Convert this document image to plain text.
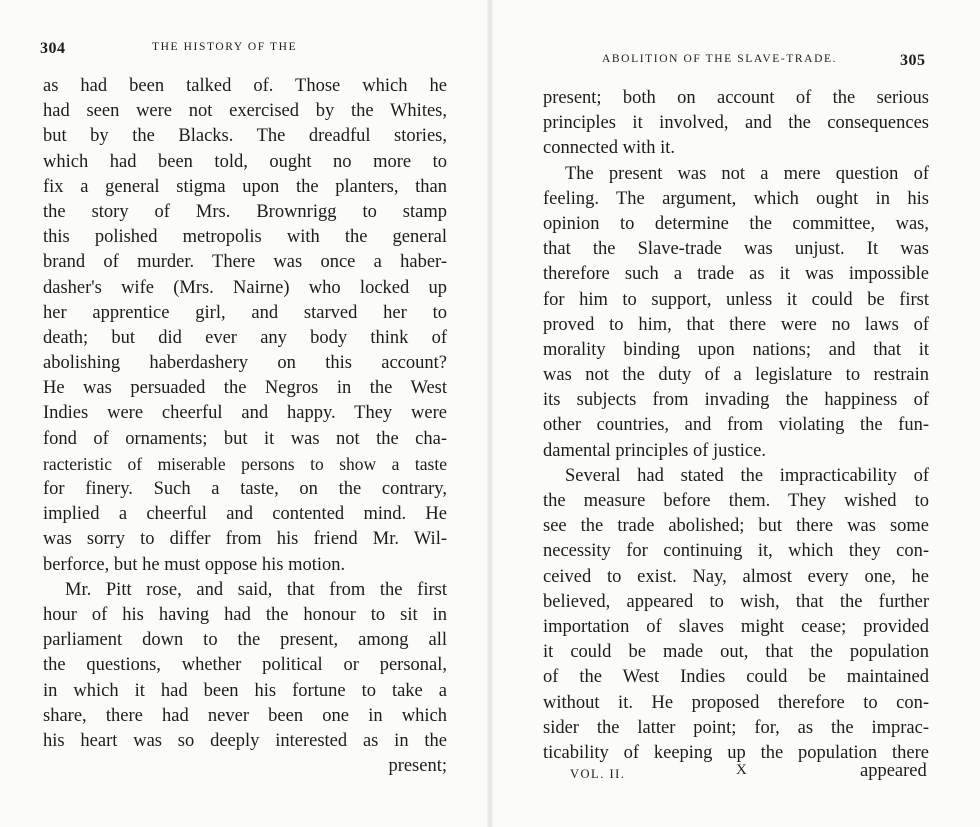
304	THE HISTORY OF THE
as had been talked of. Those which he
had seen were not exercised by the Whites,
but by the Blacks. The dreadful stories,
which had been told, ought no more to
fix a general stigma upon the planters, than
the story of Mrs. Brownrigg to stamp
this polished metropolis with the general
brand of murder. There was once a haber-
dasher's wife (Mrs. Nairne) who locked up
her apprentice girl, and starved her to
death; but did ever any body think of
abolishing haberdashery on this account?
He was persuaded the Negros in the West
Indies were cheerful and happy. They were
fond of ornaments; but it was not the cha-
racteristic of miserable persons to show a taste
for finery. Such a taste, on the contrary,
implied a cheerful and contented mind. He
was sorry to differ from his friend Mr. Wil-
berforce, but he must oppose his motion.
Mr. Pitt rose, and said, that from the first
hour of his having had the honour to sit in
parliament down to the present, among all
the questions, whether political or personal,
in which it had been his fortune to take a
share, there had never been one in which
his heart was so deeply interested as in the
present;
ABOLITION OF THE SLAVE-TRADE.	305
present; both on account of the serious
principles it involved, and the consequences
connected with it.
The present was not a mere question of
feeling. The argument, which ought in his
opinion to determine the committee, was,
that the Slave-trade was unjust. It was
therefore such a trade as it was impossible
for him to support, unless it could be first
proved to him, that there were no laws of
morality binding upon nations; and that it
was not the duty of a legislature to restrain
its subjects from invading the happiness of
other countries, and from violating the fun-
damental principles of justice.
Several had stated the impracticability of
the measure before them. They wished to
see the trade abolished; but there was some
necessity for continuing it, which they con-
ceived to exist. Nay, almost every one, he
believed, appeared to wish, that the further
importation of slaves might cease; provided
it could be made out, that the population
of the West Indies could be maintained
without it. He proposed therefore to con-
sider the latter point; for, as the imprac-
ticability of keeping up the population there
VOL. II.	X	appeared
